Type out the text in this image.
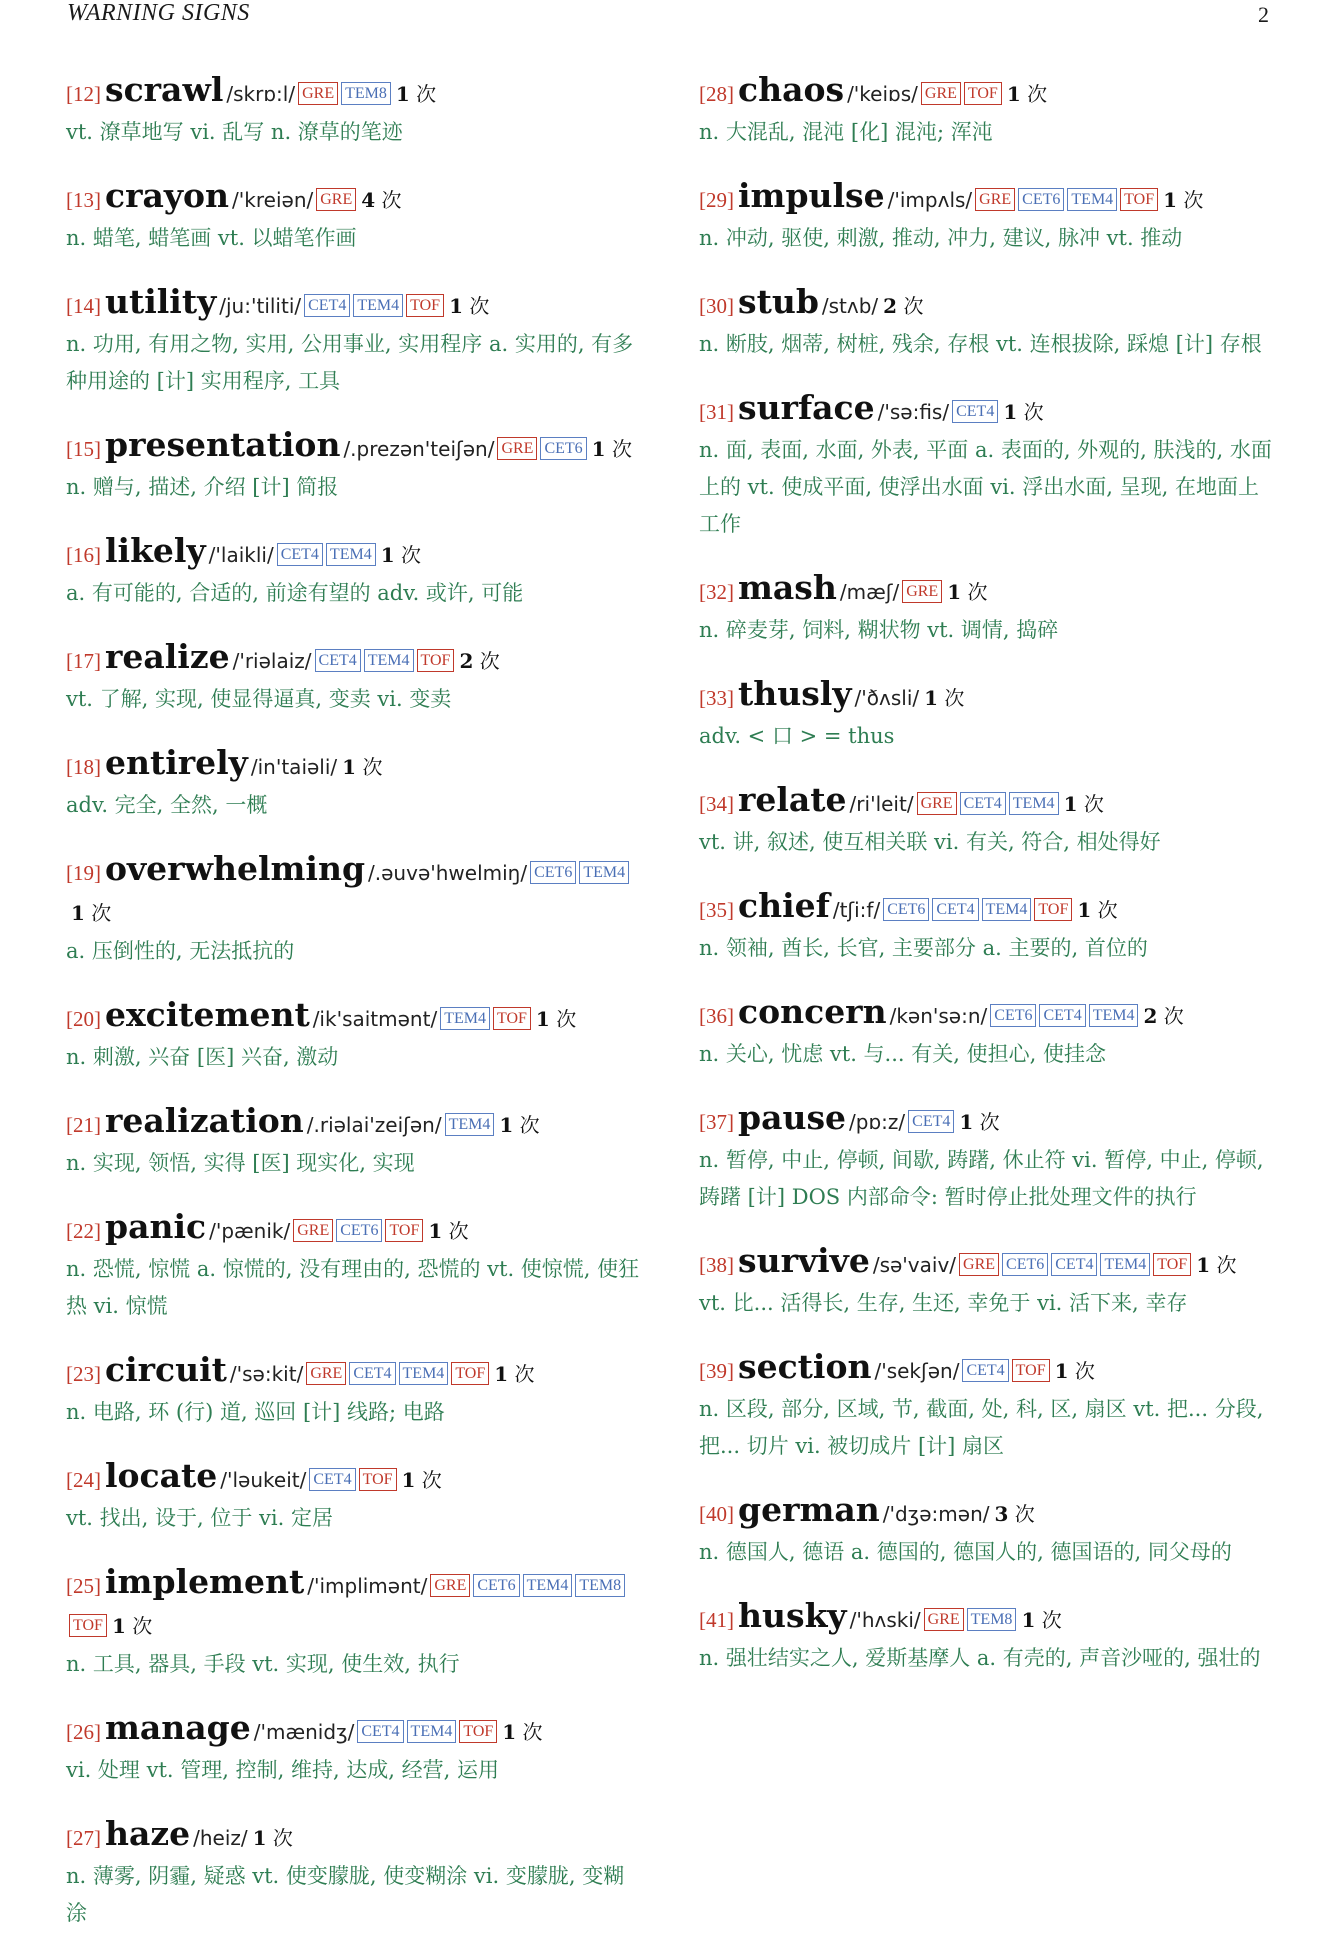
WARNING SIGNS	2
[12] scrawl /skrɒ:l/ GRE TEM8 1 次
vt. 潦草地写 vi. 乱写 n. 潦草的笔迹
[13] crayon /'kreiən/ GRE 4 次
n. 蜡笔, 蜡笔画 vt. 以蜡笔作画
[14] utility /ju:'tiliti/ CET4 TEM4 TOF 1 次
n. 功用, 有用之物, 实用, 公用事业, 实用程序 a. 实用的, 有多种用途的 [计] 实用程序, 工具
[15] presentation /.prezən'teiʃən/ GRE CET6 1 次
n. 赠与, 描述, 介绍 [计] 简报
[16] likely /'laikli/ CET4 TEM4 1 次
a. 有可能的, 合适的, 前途有望的 adv. 或许, 可能
[17] realize /'riəlaiz/ CET4 TEM4 TOF 2 次
vt. 了解, 实现, 使显得逼真, 变卖 vi. 变卖
[18] entirely /in'taiəli/ 1 次
adv. 完全, 全然, 一概
[19] overwhelming /.əuvə'hwelmiŋ/ CET6 TEM41 次
a. 压倒性的, 无法抵抗的
[20] excitement /ik'saitmənt/ TEM4 TOF 1 次
n. 刺激, 兴奋 [医] 兴奋, 激动
[21] realization /.riəlai'zeiʃən/ TEM4 1 次
n. 实现, 领悟, 实得 [医] 现实化, 实现
[22] panic /'pænik/ GRE CET6 TOF 1 次
n. 恐慌, 惊慌 a. 惊慌的, 没有理由的, 恐慌的 vt. 使惊慌, 使狂热 vi. 惊慌
[23] circuit /'sə:kit/ GRE CET4 TEM4 TOF 1 次
n. 电路, 环 (行) 道, 巡回 [计] 线路; 电路
[24] locate /'ləukeit/ CET4 TOF 1 次
vt. 找出, 设于, 位于 vi. 定居
[25] implement /'implimənt/ GRE CET6 TEM4 TEM8TOF 1 次
n. 工具, 器具, 手段 vt. 实现, 使生效, 执行
[26] manage /'mænidʒ/ CET4 TEM4 TOF 1 次
vi. 处理 vt. 管理, 控制, 维持, 达成, 经营, 运用
[27] haze /heiz/ 1 次
n. 薄雾, 阴霾, 疑惑 vt. 使变朦胧, 使变糊涂 vi. 变朦胧, 变糊涂
[28] chaos /'keiɒs/ GRE TOF 1 次
n. 大混乱, 混沌 [化] 混沌; 浑沌
[29] impulse /'impʌls/ GRE CET6 TEM4 TOF 1 次
n. 冲动, 驱使, 刺激, 推动, 冲力, 建议, 脉冲 vt. 推动
[30] stub /stʌb/ 2 次
n. 断肢, 烟蒂, 树桩, 残余, 存根 vt. 连根拔除, 踩熄 [计] 存根
[31] surface /'sə:fis/ CET4 1 次
n. 面, 表面, 水面, 外表, 平面 a. 表面的, 外观的, 肤浅的, 水面上的 vt. 使成平面, 使浮出水面 vi. 浮出水面, 呈现, 在地面上工作
[32] mash /mæʃ/ GRE 1 次
n. 碎麦芽, 饲料, 糊状物 vt. 调情, 捣碎
[33] thusly /'ðʌsli/ 1 次
adv. < 口 > = thus
[34] relate /ri'leit/ GRE CET4 TEM4 1 次
vt. 讲, 叙述, 使互相关联 vi. 有关, 符合, 相处得好
[35] chief /tʃi:f/ CET6 CET4 TEM4 TOF 1 次
n. 领袖, 酋长, 长官, 主要部分 a. 主要的, 首位的
[36] concern /kən'sə:n/ CET6 CET4 TEM4 2 次
n. 关心, 忧虑 vt. 与... 有关, 使担心, 使挂念
[37] pause /pɒ:z/ CET4 1 次
n. 暂停, 中止, 停顿, 间歇, 踌躇, 休止符 vi. 暂停, 中止, 停顿, 踌躇 [计] DOS 内部命令: 暂时停止批处理文件的执行
[38] survive /sə'vaiv/ GRE CET6 CET4 TEM4 TOF 1 次
vt. 比... 活得长, 生存, 生还, 幸免于 vi. 活下来, 幸存
[39] section /'sekʃən/ CET4 TOF 1 次
n. 区段, 部分, 区域, 节, 截面, 处, 科, 区, 扇区 vt. 把... 分段, 把... 切片 vi. 被切成片 [计] 扇区
[40] german /'dʒə:mən/ 3 次
n. 德国人, 德语 a. 德国的, 德国人的, 德国语的, 同父母的
[41] husky /'hʌski/ GRE TEM8 1 次
n. 强壮结实之人, 爱斯基摩人 a. 有壳的, 声音沙哑的, 强壮的
